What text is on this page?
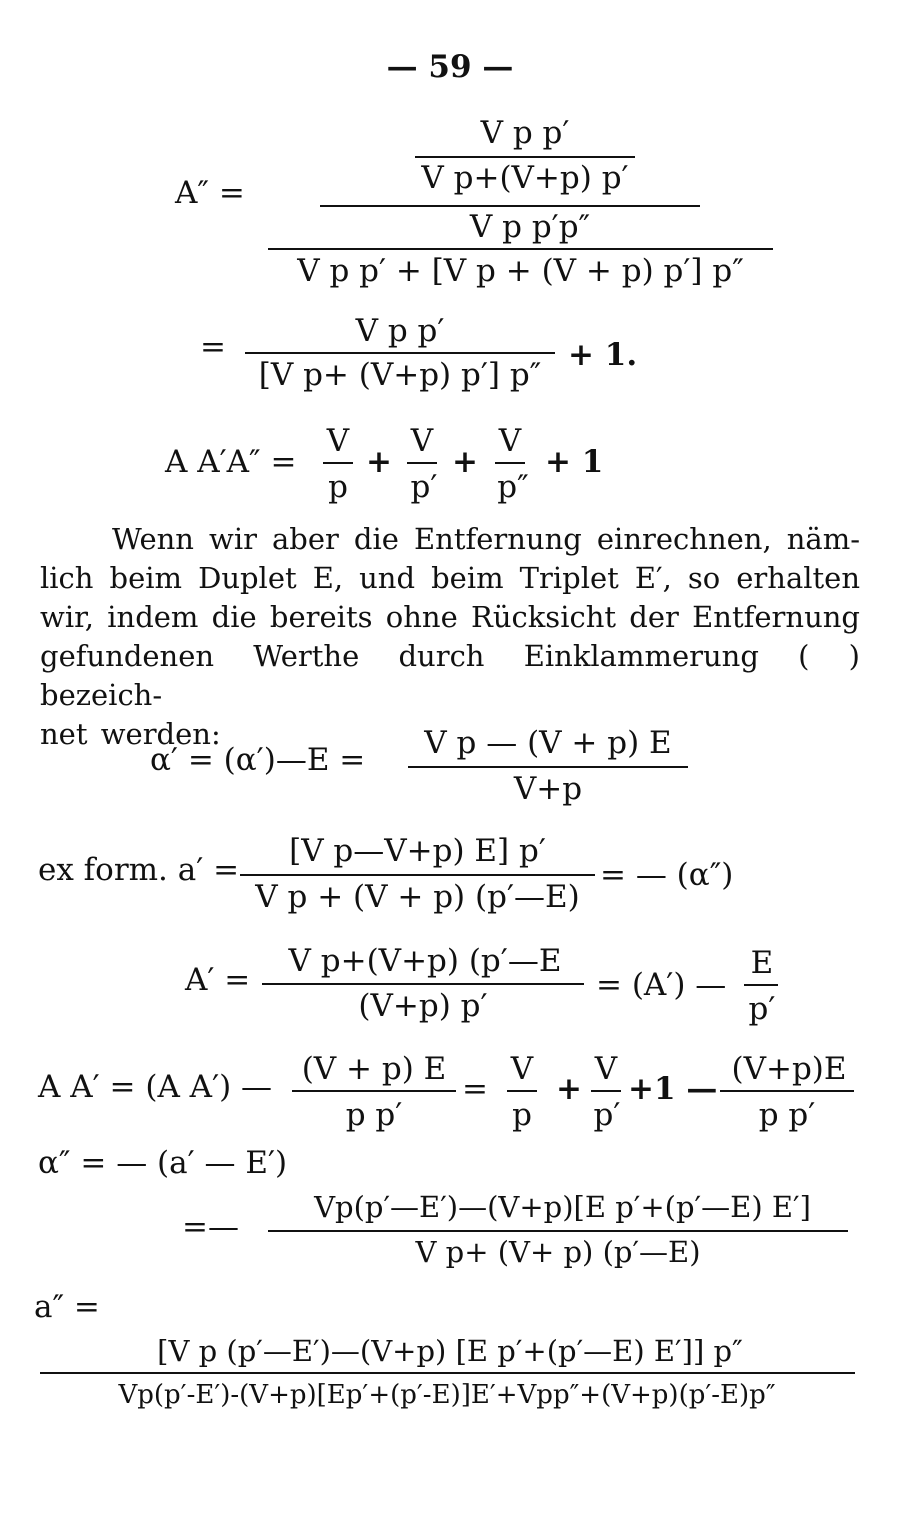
— 59 —
A″ =
V p p′
V p+(V+p) p′
V p p′p″
V p p′ + [V p + (V + p) p′] p″
=	V p p′
[V p+ (V+p) p′] p″
+ 1.
A A′A″ =
V
p
+
V
p′
+
V
p″
+ 1
Wenn wir aber die Entfernung einrechnen, näm-
lich beim Duplet E, und beim Triplet E′, so erhalten
wir, indem die bereits ohne Rücksicht der Entfernung
gefundenen Werthe durch Einklammerung ( ) bezeich-
net werden:
α′ = (α′)—E =	V p — (V + p) E
V+p
ex form. a′ =
[V p—V+p) E] p′
V p + (V + p) (p′—E)
= — (α″)
A′ =
V p+(V+p) (p′—E
(V+p) p′
= (A′) —
E
p′
A A′ = (A A′) — (V + p) E
p p′
=
V
p
+
V
p′
+1 —
(V+p)E
p p′
α″ = — (a′ — E′)
=—
Vp(p′—E′)—(V+p)[E p′+(p′—E) E′]
V p+ (V+ p) (p′—E)
a″ =
[V p (p′—E′)—(V+p) [E p′+(p′—E) E′]] p″
Vp(p′-E′)-(V+p)[Ep′+(p′-E)]E′+Vpp″+(V+p)(p′-E)p″
